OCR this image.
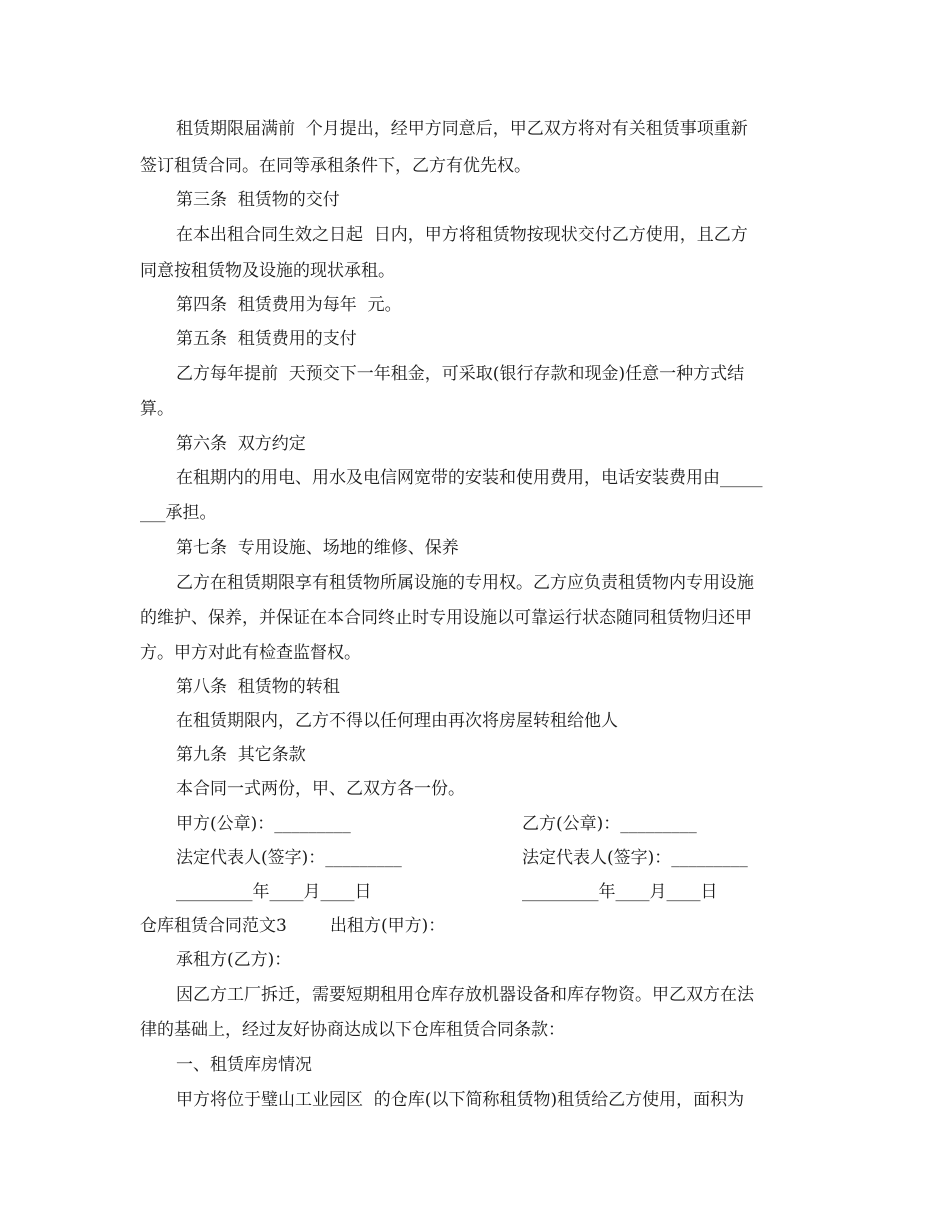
租赁期限届满前  个月提出，经甲方同意后，甲乙双方将对有关租赁事项重新
签订租赁合同。在同等承租条件下，乙方有优先权。
第三条  租赁物的交付
在本出租合同生效之日起  日内，甲方将租赁物按现状交付乙方使用，且乙方
同意按租赁物及设施的现状承租。
第四条  租赁费用为每年  元。
第五条  租赁费用的支付
乙方每年提前  天预交下一年租金，可采取(银行存款和现金)任意一种方式结
算。
第六条  双方约定
在租期内的用电、用水及电信网宽带的安装和使用费用，电话安装费用由_____
___承担。
第七条  专用设施、场地的维修、保养
乙方在租赁期限享有租赁物所属设施的专用权。乙方应负责租赁物内专用设施
的维护、保养，并保证在本合同终止时专用设施以可靠运行状态随同租赁物归还甲
方。甲方对此有检查监督权。
第八条  租赁物的转租
在租赁期限内，乙方不得以任何理由再次将房屋转租给他人
第九条  其它条款
本合同一式两份，甲、乙双方各一份。
甲方(公章)：_________	乙方(公章)：_________
法定代表人(签字)：_________	法定代表人(签字)：_________
_________年____月____日	_________年____月____日
仓库租赁合同范文3        出租方(甲方)：
承租方(乙方)：
因乙方工厂拆迁，需要短期租用仓库存放机器设备和库存物资。甲乙双方在法
律的基础上，经过友好协商达成以下仓库租赁合同条款：
一、租赁库房情况
甲方将位于璧山工业园区  的仓库(以下简称租赁物)租赁给乙方使用，面积为
